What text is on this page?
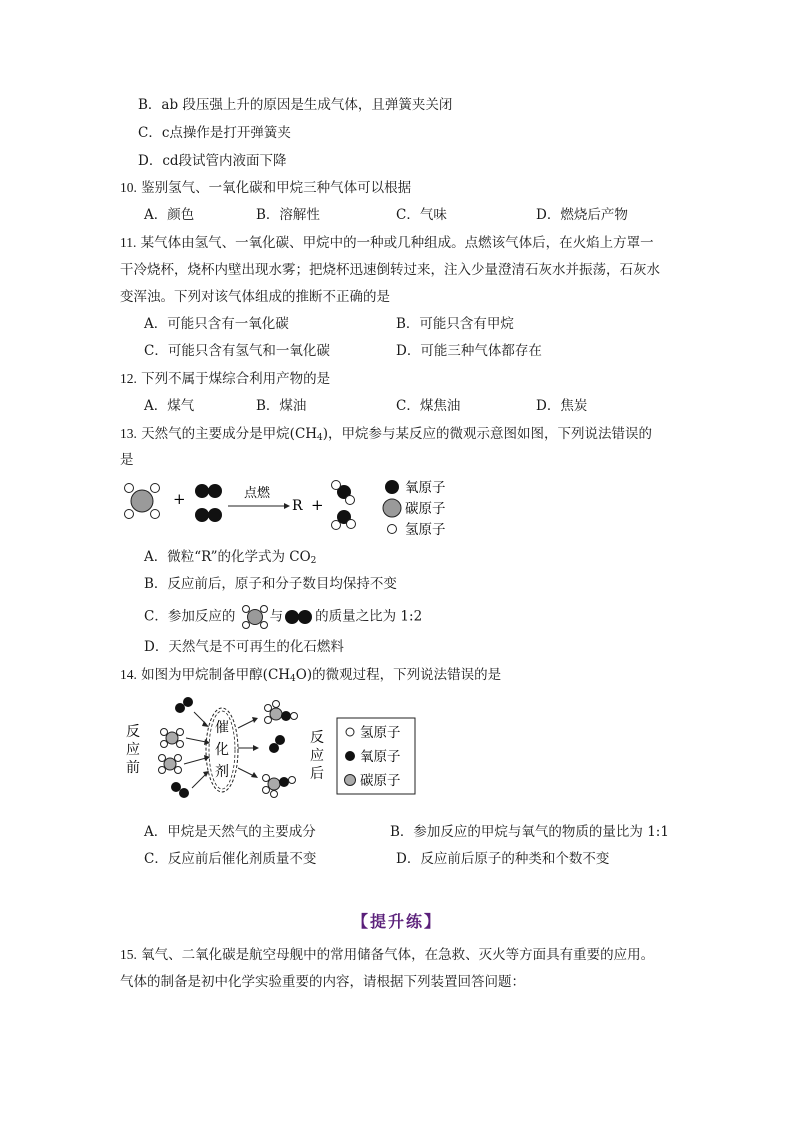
B．ab 段压强上升的原因是生成气体，且弹簧夹关闭
C．c点操作是打开弹簧夹
D．cd段试管内液面下降
10. 鉴别氢气、一氧化碳和甲烷三种气体可以根据
A．颜色	B．溶解性	C．气味	D．燃烧后产物
11. 某气体由氢气、一氧化碳、甲烷中的一种或几种组成。点燃该气体后，在火焰上方罩一
干冷烧杯，烧杯内壁出现水雾；把烧杯迅速倒转过来，注入少量澄清石灰水并振荡，石灰水
变浑浊。下列对该气体组成的推断不正确的是
A．可能只含有一氧化碳	B．可能只含有甲烷
C．可能只含有氢气和一氧化碳	D．可能三种气体都存在
12. 下列不属于煤综合利用产物的是
A．煤气	B．煤油	C．煤焦油	D．焦炭
13. 天然气的主要成分是甲烷$(CH_4)$，甲烷参与某反应的微观示意图如图，下列说法错误的
是
+	点燃
R +
氧原子
碳原子
氢原子
A．微粒“R”的化学式为 $CO_2$
B．反应前后，原子和分子数目均保持不变
C．参加反应的	与 的质量之比为 1:2
D．天然气是不可再生的化石燃料
14. 如图为甲烷制备甲醇$(CH_4O)$的微观过程，下列说法错误的是
反
应
前
催
化
剂
反
应
后
氢原子
氧原子
碳原子
A．甲烷是天然气的主要成分	B．参加反应的甲烷与氧气的物质的量比为 1:1
C．反应前后催化剂质量不变	D．反应前后原子的种类和个数不变
【提升练】
15. 氧气、二氧化碳是航空母舰中的常用储备气体，在急救、灭火等方面具有重要的应用。
气体的制备是初中化学实验重要的内容，请根据下列装置回答问题：
